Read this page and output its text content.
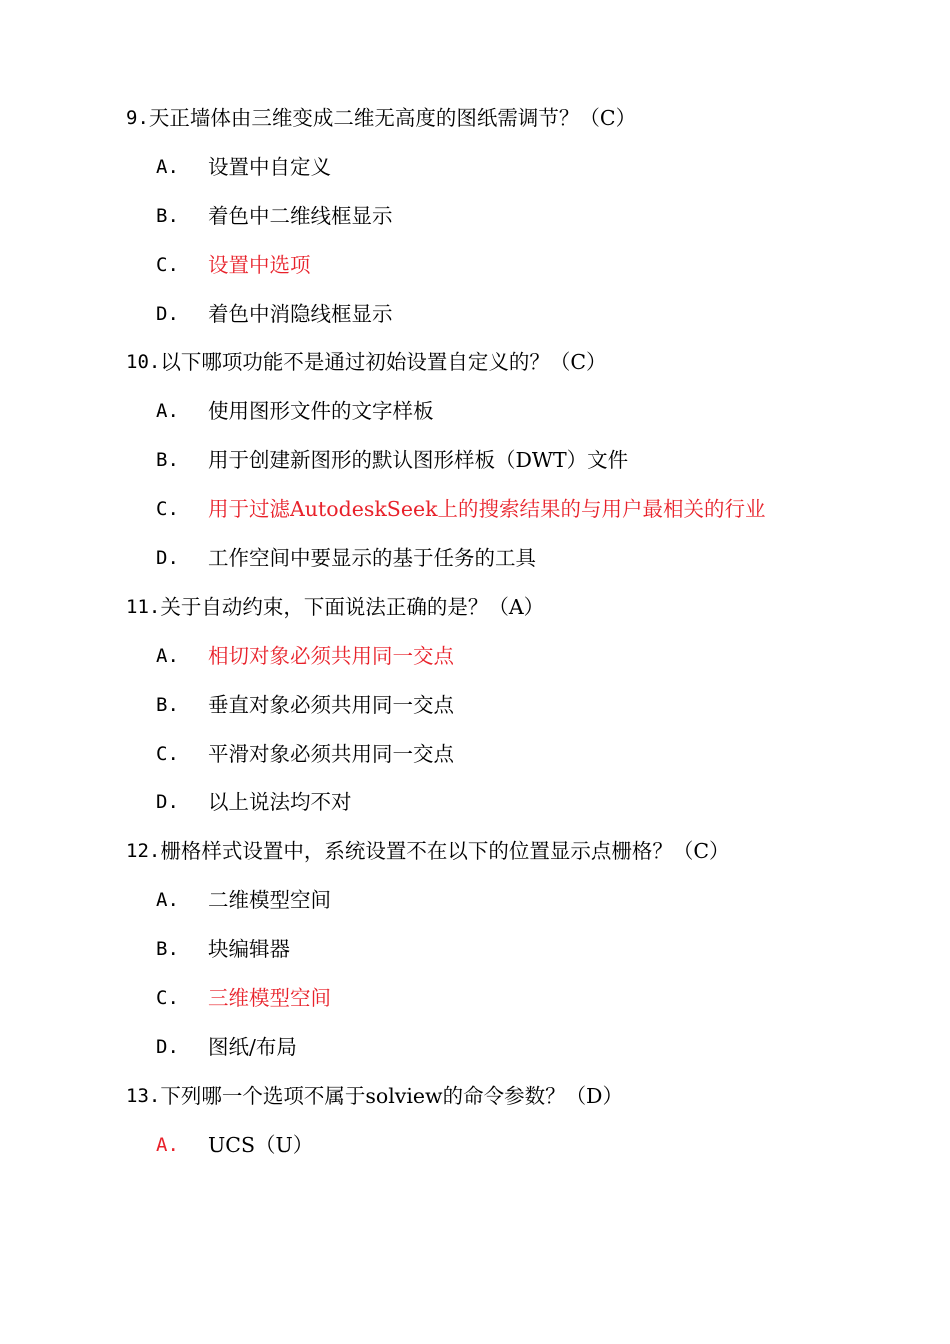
9. 天正墙体由三维变成二维无高度的图纸需调节？（C）
A.	设置中自定义
B.	着色中二维线框显示
C.	设置中选项
D.	着色中消隐线框显示
10. 以下哪项功能不是通过初始设置自定义的？（C）
A.	使用图形文件的文字样板
B.	用于创建新图形的默认图形样板（DWT）文件
C.	用于过滤AutodeskSeek上的搜索结果的与用户最相关的行业
D.	工作空间中要显示的基于任务的工具
11. 关于自动约束，下面说法正确的是？（A）
A.	相切对象必须共用同一交点
B.	垂直对象必须共用同一交点
C.	平滑对象必须共用同一交点
D.	以上说法均不对
12. 栅格样式设置中，系统设置不在以下的位置显示点栅格？（C）
A.	二维模型空间
B.	块编辑器
C.	三维模型空间
D.	图纸/布局
13. 下列哪一个选项不属于solview的命令参数？（D）
A.	UCS（U）
